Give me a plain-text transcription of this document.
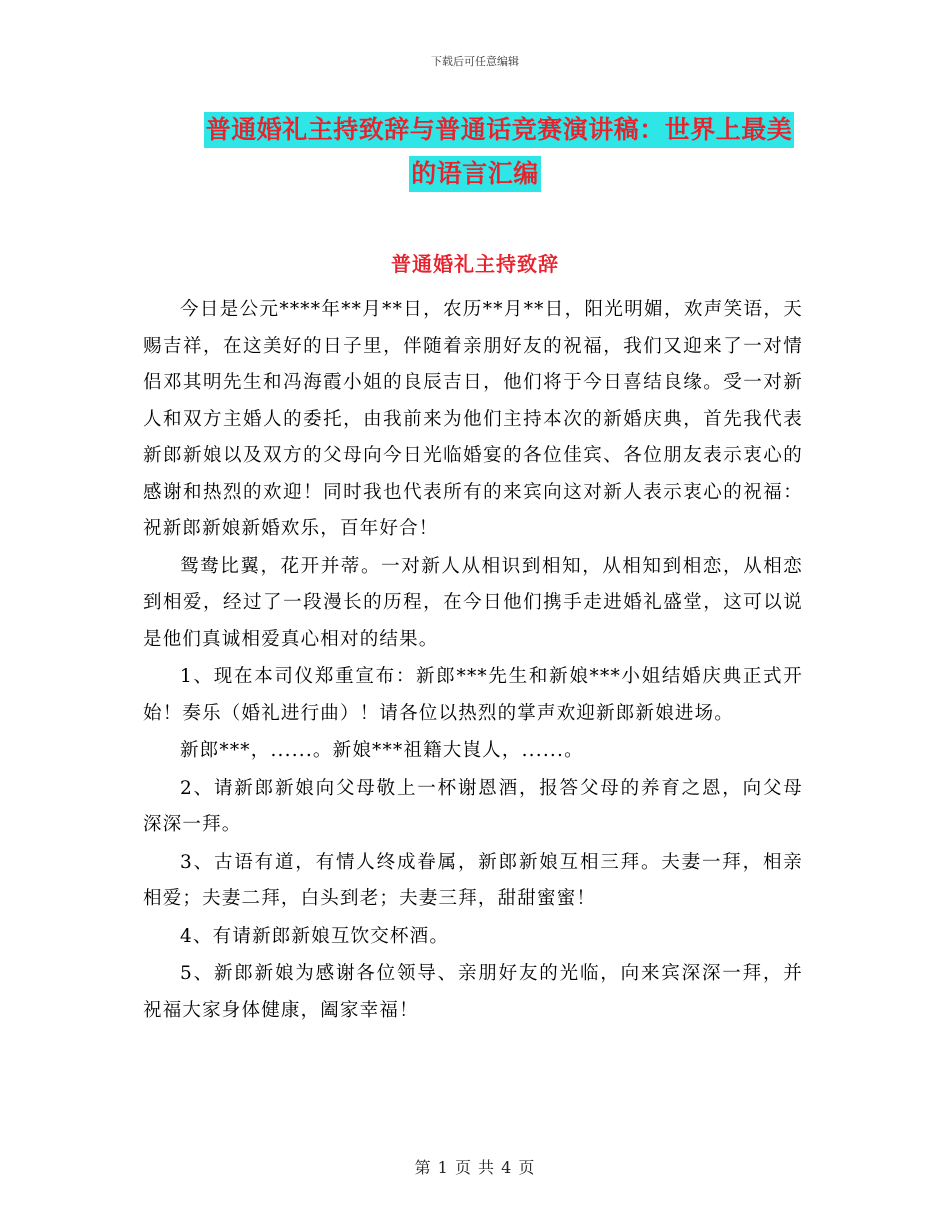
下载后可任意编辑
普通婚礼主持致辞与普通话竞赛演讲稿：世界上最美
的语言汇编
普通婚礼主持致辞

今日是公元****年**月**日，农历**月**日，阳光明媚，欢声笑语，天赐吉祥，在这美好的日子里，伴随着亲朋好友的祝福，我们又迎来了一对情侣邓其明先生和冯海霞小姐的良辰吉日，他们将于今日喜结良缘。受一对新人和双方主婚人的委托，由我前来为他们主持本次的新婚庆典，首先我代表新郎新娘以及双方的父母向今日光临婚宴的各位佳宾、各位朋友表示衷心的感谢和热烈的欢迎！同时我也代表所有的来宾向这对新人表示衷心的祝福：祝新郎新娘新婚欢乐，百年好合！

鸳鸯比翼，花开并蒂。一对新人从相识到相知，从相知到相恋，从相恋到相爱，经过了一段漫长的历程，在今日他们携手走进婚礼盛堂，这可以说是他们真诚相爱真心相对的结果。

1、现在本司仪郑重宣布：新郎***先生和新娘***小姐结婚庆典正式开始！奏乐（婚礼进行曲）！请各位以热烈的掌声欢迎新郎新娘进场。

新郎***，......。新娘***祖籍大崀人，......。

2、请新郎新娘向父母敬上一杯谢恩酒，报答父母的养育之恩，向父母深深一拜。

3、古语有道，有情人终成眷属，新郎新娘互相三拜。夫妻一拜，相亲相爱；夫妻二拜，白头到老；夫妻三拜，甜甜蜜蜜！

4、有请新郎新娘互饮交杯酒。

5、新郎新娘为感谢各位领导、亲朋好友的光临，向来宾深深一拜，并祝福大家身体健康，阖家幸福！

第 1 页 共 4 页
